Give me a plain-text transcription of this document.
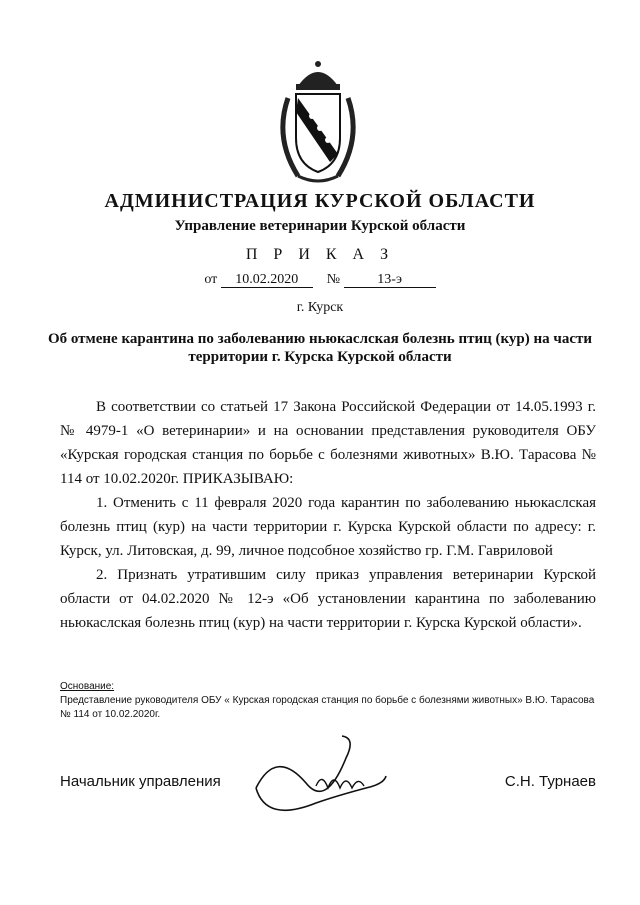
АДМИНИСТРАЦИЯ КУРСКОЙ ОБЛАСТИ
Управление ветеринарии Курской области
П Р И К А З
от 10.02.2020 №	13-э
г. Курск
Об отмене карантина по заболеванию ньюкаслская болезнь птиц (кур) на части территории г. Курска Курской области

В соответствии со статьей 17 Закона Российской Федерации от 14.05.1993 г. № 4979-1 «О ветеринарии» и на основании представления руководителя ОБУ «Курская городская станция по борьбе с болезнями животных» В.Ю. Тарасова № 114 от 10.02.2020г. ПРИКАЗЫВАЮ:

1. Отменить с 11 февраля 2020 года карантин по заболеванию ньюкаслская болезнь птиц (кур) на части территории г. Курска Курской области по адресу: г. Курск, ул. Литовская, д. 99, личное подсобное хозяйство гр. Г.М. Гавриловой

2. Признать утратившим силу приказ управления ветеринарии Курской области от 04.02.2020 № 12-э «Об установлении карантина по заболеванию ньюкаслская болезнь птиц (кур) на части территории г. Курска Курской области».

Основание:
Представление руководителя ОБУ « Курская городская станция по борьбе с болезнями животных» В.Ю. Тарасова № 114 от 10.02.2020г.
Начальник управления	С.Н. Турнаев
